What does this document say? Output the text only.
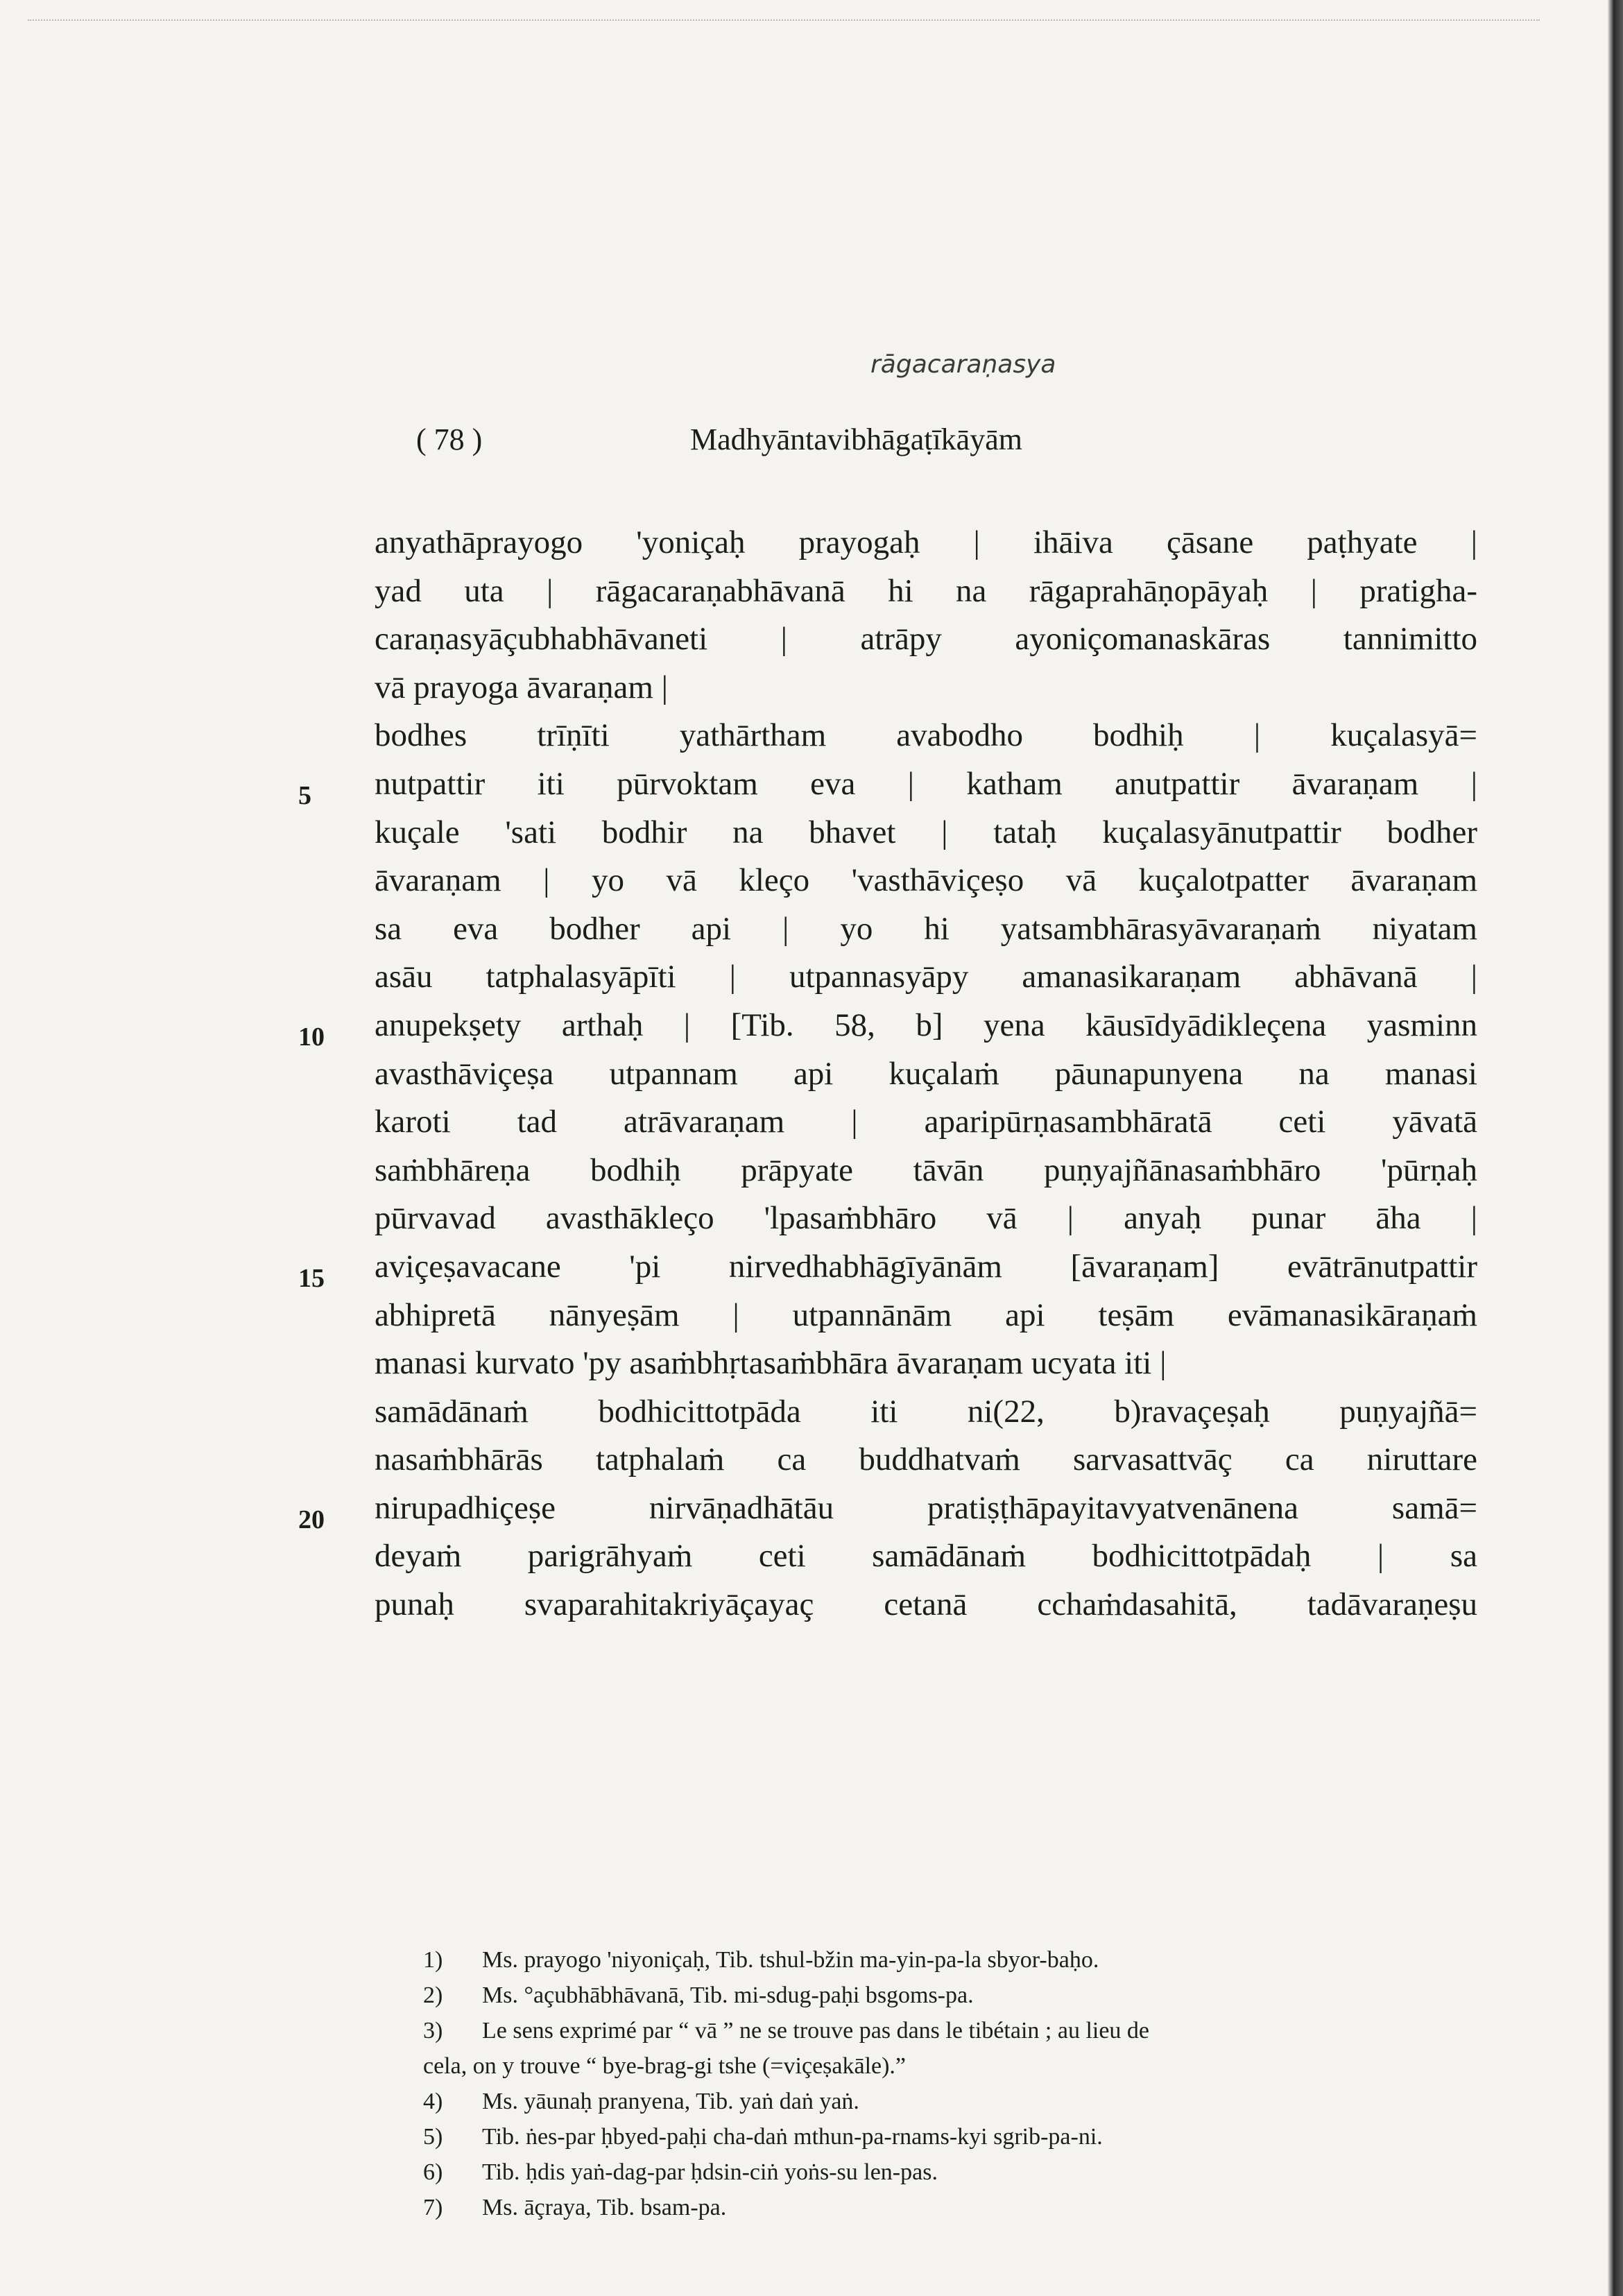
rāgacaraṇasya
( 78 )	Madhyāntavibhāgaṭīkāyām
anyathāprayogo 'yoniçaḥ prayogaḥ | ihāiva çāsane paṭhyate |
yad uta | rāgacaraṇabhāvanā hi na rāgaprahāṇopāyaḥ | pratigha-
caraṇasyāçubhabhāvaneti | atrāpy ayoniçomanaskāras tannimitto
vā prayoga āvaraṇam |
bodhes trīṇīti yathārtham avabodho bodhiḥ | kuçalasyā=
nutpattir iti pūrvoktam eva | katham anutpattir āvaraṇam |
kuçale 'sati bodhir na bhavet | tataḥ kuçalasyānutpattir bodher
āvaraṇam | yo vā kleço 'vasthāviçeṣo vā kuçalotpatter āvaraṇam
sa eva bodher api | yo hi yatsambhārasyāvaraṇaṁ niyatam
asāu tatphalasyāpīti | utpannasyāpy amanasikaraṇam abhāvanā |
anupekṣety arthaḥ | [Tib. 58, b] yena kāusīdyādikleçena yasminn
avasthāviçeṣa utpannam api kuçalaṁ pāunapunyena na manasi
karoti tad atrāvaraṇam | aparipūrṇasambhāratā ceti yāvatā
saṁbhāreṇa bodhiḥ prāpyate tāvān puṇyajñānasaṁbhāro 'pūrṇaḥ
pūrvavad avasthākleço 'lpasaṁbhāro vā | anyaḥ punar āha |
aviçeṣavacane 'pi nirvedhabhāgīyānām [āvaraṇam] evātrānutpattir
abhipretā nānyeṣām | utpannānām api teṣām evāmanasikāraṇaṁ
manasi kurvato 'py asaṁbhṛtasaṁbhāra āvaraṇam ucyata iti |
samādānaṁ bodhicittotpāda iti ni(22, b)ravaçeṣaḥ puṇyajñā=
nasaṁbhārās tatphalaṁ ca buddhatvaṁ sarvasattvāç ca niruttare
nirupadhiçeṣe nirvāṇadhātāu pratiṣṭhāpayitavyatvenānena samā=
deyaṁ parigrāhyaṁ ceti samādānaṁ bodhicittotpādaḥ | sa
punaḥ svaparahitakriyāçayaç cetanā cchaṁdasahitā, tadāvaraṇeṣu
5
10
15
20
1)	Ms. prayogo 'niyoniçaḥ, Tib. tshul-bžin ma-yin-pa-la sbyor-baḥo.
2)	Ms. °açubhābhāvanā, Tib. mi-sdug-paḥi bsgoms-pa.
3)	Le sens exprimé par “ vā ” ne se trouve pas dans le tibétain ; au lieu de
cela, on y trouve “ bye-brag-gi tshe (=viçeṣakāle).”
4)	Ms. yāunaḥ pranyena, Tib. yaṅ daṅ yaṅ.
5)	Tib. ṅes-par ḥbyed-paḥi cha-daṅ mthun-pa-rnams-kyi sgrib-pa-ni.
6)	Tib. ḥdis yaṅ-dag-par ḥdsin-ciṅ yoṅs-su len-pas.
7)	Ms. āçraya, Tib. bsam-pa.
